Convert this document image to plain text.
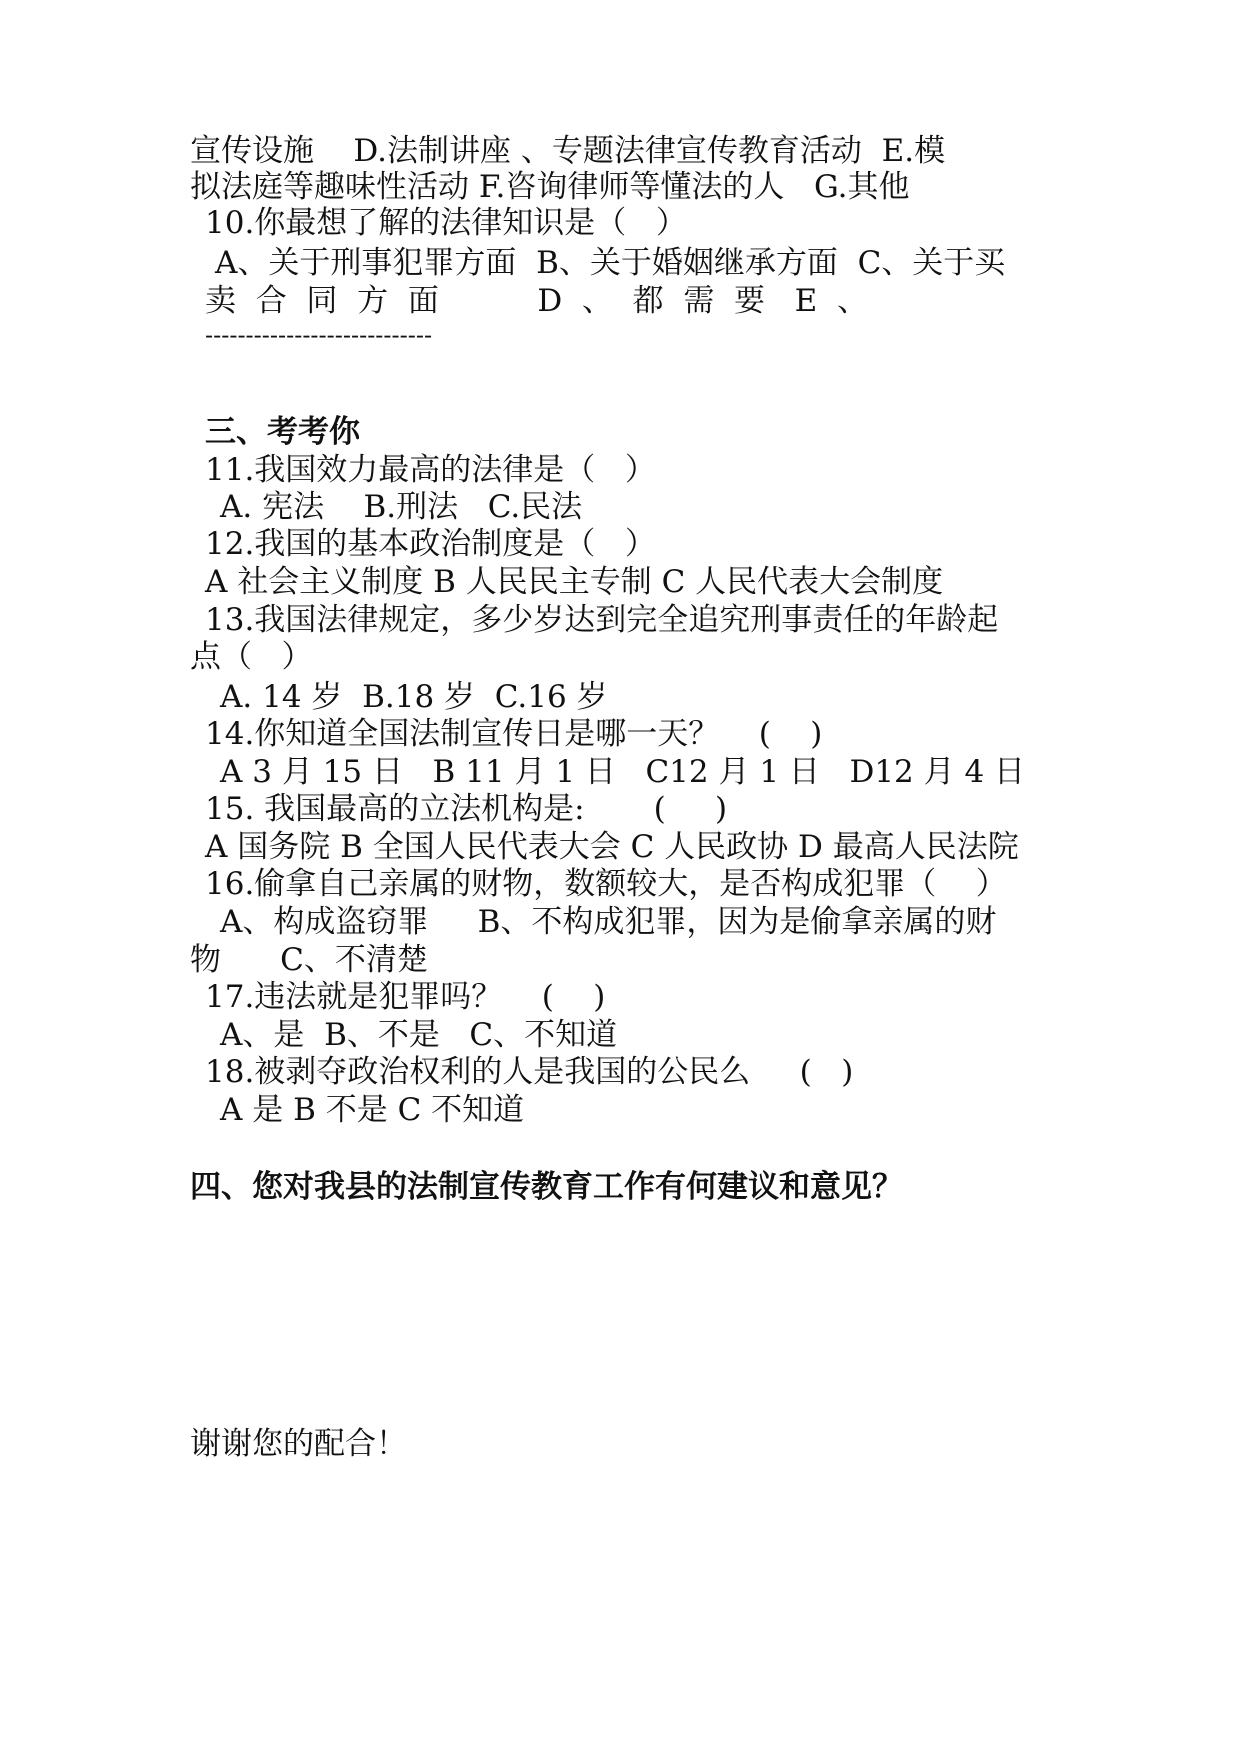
宣传设施    D.法制讲座 、专题法律宣传教育活动  E.模
拟法庭等趣味性活动 F.咨询律师等懂法的人   G.其他
10.你最想了解的法律知识是（   ）
A、关于刑事犯罪方面  B、关于婚姻继承方面  C、关于买
卖  合  同  方  面          D  、  都  需  要   E  、
----------------------------
三、考考你
11.我国效力最高的法律是（   ）
A. 宪法    B.刑法   C.民法
12.我国的基本政治制度是（   ）
A 社会主义制度 B 人民民主专制 C 人民代表大会制度
13.我国法律规定，多少岁达到完全追究刑事责任的年龄起
点（   ）
A. 14 岁  B.18 岁  C.16 岁
14.你知道全国法制宣传日是哪一天？    (    )
A 3 月 15 日   B 11 月 1 日   C12 月 1 日   D12 月 4 日
15. 我国最高的立法机构是:       (     )
A 国务院 B 全国人民代表大会 C 人民政协 D 最高人民法院
16.偷拿自己亲属的财物，数额较大，是否构成犯罪（    ）
A、构成盗窃罪     B、不构成犯罪，因为是偷拿亲属的财
物      C、不清楚
17.违法就是犯罪吗？    (    )
A、是  B、不是   C、不知道
18.被剥夺政治权利的人是我国的公民么     (   )
A 是 B 不是 C 不知道
四、您对我县的法制宣传教育工作有何建议和意见？
谢谢您的配合！
